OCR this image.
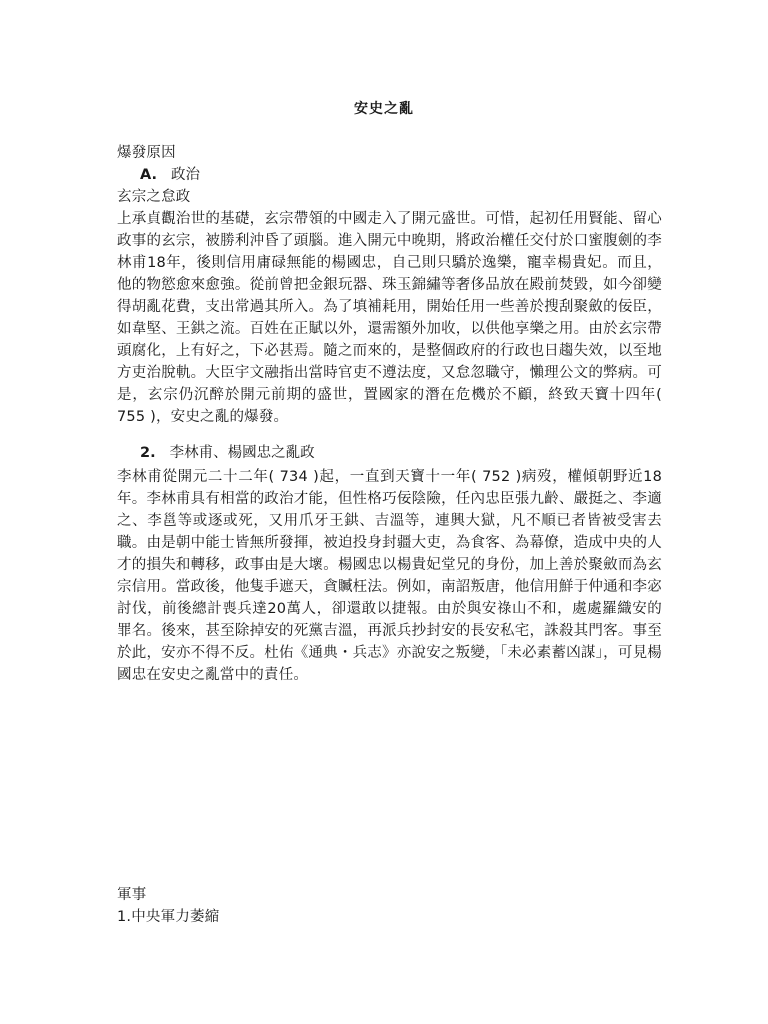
安史之亂
爆發原因
A. 政治
玄宗之怠政
上承貞觀治世的基礎，玄宗帶領的中國走入了開元盛世。可惜，起初任用賢能、留心政事的玄宗，被勝利沖昏了頭腦。進入開元中晚期，將政治權任交付於口蜜腹劍的李林甫18年，後則信用庸碌無能的楊國忠，自己則只驕於逸樂，寵幸楊貴妃。而且，他的物慾愈來愈強。從前曾把金銀玩器、珠玉錦繡等奢侈品放在殿前焚毀，如今卻變得胡亂花費，支出常過其所入。為了填補耗用，開始任用一些善於搜刮聚斂的佞臣，如韋堅、王鉷之流。百姓在正賦以外，還需額外加收，以供他享樂之用。由於玄宗帶頭腐化，上有好之，下必甚焉。隨之而來的，是整個政府的行政也日趨失效，以至地方吏治脫軌。大臣宇文融指出當時官吏不遵法度，又怠忽職守，懶理公文的弊病。可是，玄宗仍沉醉於開元前期的盛世，置國家的潛在危機於不顧，終致天寶十四年( 755 )，安史之亂的爆發。
2. 李林甫、楊國忠之亂政
李林甫從開元二十二年( 734 )起，一直到天寶十一年( 752 )病歿，權傾朝野近18年。李林甫具有相當的政治才能，但性格巧佞陰險，任內忠臣張九齡、嚴挺之、李適之、李邕等或逐或死，又用爪牙王鉷、吉溫等，連興大獄，凡不順已者皆被受害去職。由是朝中能士皆無所發揮，被迫投身封疆大吏，為食客、為幕僚，造成中央的人才的損失和轉移，政事由是大壞。楊國忠以楊貴妃堂兄的身份，加上善於聚斂而為玄宗信用。當政後，他隻手遮天，貪贓枉法。例如，南詔叛唐，他信用鮮于仲通和李宓討伐，前後總計喪兵達20萬人，卻還敢以捷報。由於與安祿山不和，處處羅織安的罪名。後來，甚至除掉安的死黨吉溫，再派兵抄封安的長安私宅，誅殺其門客。事至於此，安亦不得不反。杜佑《通典・兵志》亦說安之叛變，「未必素蓄凶謀」，可見楊國忠在安史之亂當中的責任。
軍事
1.中央軍力萎縮
